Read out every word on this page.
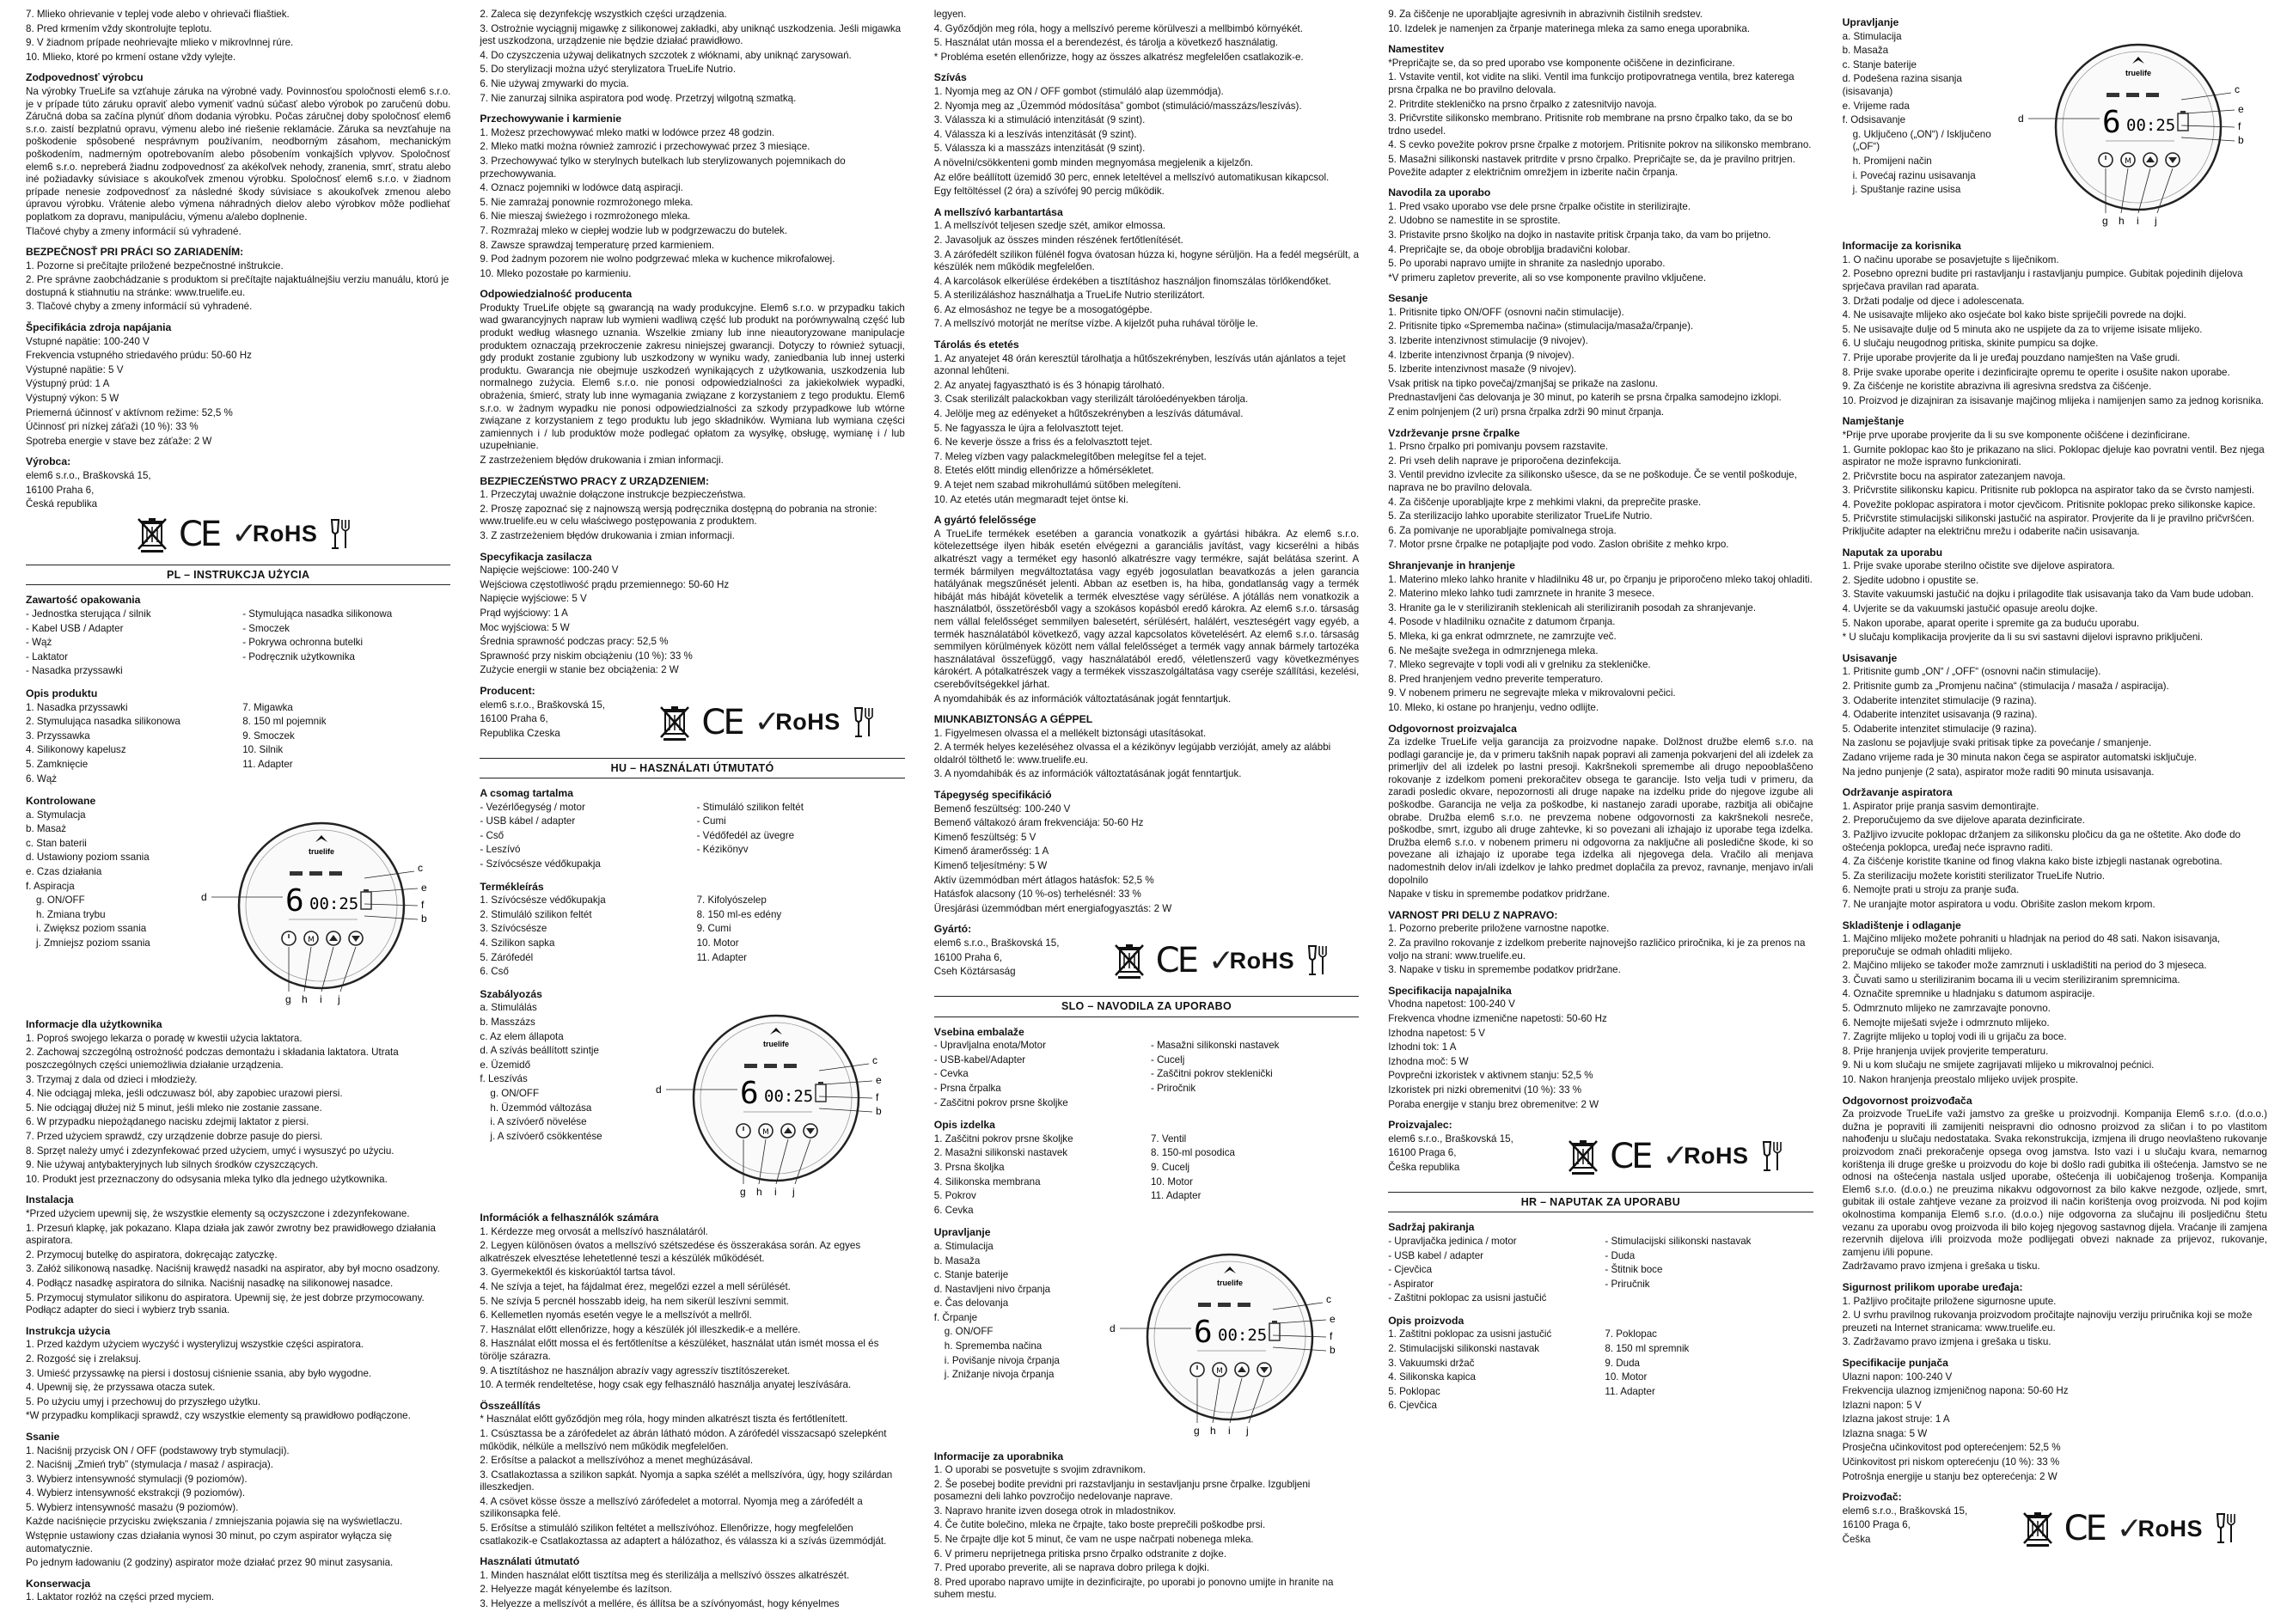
7. Mlieko ohrievanie v teplej vode alebo v ohrievači fliaštiek.

8. Pred krmením vždy skontrolujte teplotu.

9. V žiadnom prípade neohrievajte mlieko v mikrovlnnej rúre.

10. Mlieko, ktoré po krmení ostane vždy vylejte.

Zodpovednosť výrobcu

Na výrobky TrueLife sa vzťahuje záruka na výrobné vady. Povinnosťou spoločnosti elem6 s.r.o. je v prípade túto záruku opraviť alebo vymeniť vadnú súčasť alebo výrobok po zaručenú dobu. Záručná doba sa začína plynúť dňom dodania výrobku. Počas záručnej doby spoločnosť elem6 s.r.o. zaistí bezplatnú opravu, výmenu alebo iné riešenie reklamácie. Záruka sa nevzťahuje na poškodenie spôsobené nesprávnym používaním, neodborným zásahom, mechanickým poškodením, nadmerným opotrebovaním alebo pôsobením vonkajších vplyvov. Spoločnosť elem6 s.r.o. nepreberá žiadnu zodpovednosť za akékoľvek nehody, zranenia, smrť, stratu alebo iné požiadavky súvisiace s akoukoľvek zmenou výrobku. Spoločnosť elem6 s.r.o. v žiadnom prípade nenesie zodpovednosť za následné škody súvisiace s akoukoľvek zmenou alebo úpravou výrobku. Vrátenie alebo výmena náhradných dielov alebo výrobkov môže podliehať poplatkom za dopravu, manipuláciu, výmenu a/alebo doplnenie.

Tlačové chyby a zmeny informácií sú vyhradené.

BEZPEČNOSŤ PRI PRÁCI SO ZARIADENÍM:

1. Pozorne si prečítajte priložené bezpečnostné inštrukcie.

2. Pre správne zaobchádzanie s produktom si prečítajte najaktuálnejšiu verziu manuálu, ktorú je dostupná k stiahnutiu na stránke: www.truelife.eu.

3. Tlačové chyby a zmeny informácií sú vyhradené.

Špecifikácia zdroja napájania

Vstupné napätie: 100-240 V

Frekvencia vstupného striedavého prúdu: 50-60 Hz

Výstupné napätie: 5 V

Výstupný prúd: 1 A

Výstupný výkon: 5 W

Priemerná účinnosť v aktívnom režime: 52,5 %

Účinnosť pri nízkej záťaži (10 %): 33 %

Spotreba energie v stave bez záťaže: 2 W

Výrobca:

elem6 s.r.o., Braškovská 15,

16100 Praha 6,

Česká republika

CE ✓
RoHS
PL – INSTRUKCJA UŻYCIA
Zawartość opakowania

- Jednostka sterująca / silnik

- Kabel USB / Adapter

- Wąż

- Laktator

- Nasadka przyssawki

- Stymulująca nasadka silikonowa

- Smoczek

- Pokrywa ochronna butelki

- Podręcznik użytkownika

Opis produktu

1. Nasadka przyssawki

2. Stymulująca nasadka silikonowa

3. Przyssawka

4. Silikonowy kapelusz

5. Zamknięcie

6. Wąż

7. Migawka

8. 150 ml pojemnik

9. Smoczek

10. Silnik

11. Adapter

Kontrolowane

a. Stymulacja

b. Masaż

c. Stan baterii

d. Ustawiony poziom ssania

e. Czas działania

f. Aspiracja

g. ON/OFF

h. Zmiana trybu

i. Zwiększ poziom ssania

j. Zmniejsz poziom ssania

truelife
6 00:25
M
c
e
f
b
d
g h i j
Informacje dla użytkownika

1. Poproś swojego lekarza o poradę w kwestii użycia laktatora.

2. Zachowaj szczególną ostrożność podczas demontażu i składania laktatora. Utrata poszczególnych części uniemożliwia działanie urządzenia.

3. Trzymaj z dala od dzieci i młodzieży.

4. Nie odciągaj mleka, jeśli odczuwasz ból, aby zapobiec urazowi piersi.

5. Nie odciągaj dłużej niż 5 minut, jeśli mleko nie zostanie zassane.

6. W przypadku niepożądanego nacisku zdejmij laktator z piersi.

7. Przed użyciem sprawdź, czy urządzenie dobrze pasuje do piersi.

8. Sprzęt należy umyć i zdezynfekować przed użyciem, umyć i wysuszyć po użyciu.

9. Nie używaj antybakteryjnych lub silnych środków czyszczących.

10. Produkt jest przeznaczony do odsysania mleka tylko dla jednego użytkownika.

Instalacja

*Przed użyciem upewnij się, że wszystkie elementy są oczyszczone i zdezynfekowane.

1. Przesuń klapkę, jak pokazano. Klapa działa jak zawór zwrotny bez prawidłowego działania aspiratora.

2. Przymocuj butelkę do aspiratora, dokręcając zatyczkę.

3. Załóż silikonową nasadkę. Naciśnij krawędź nasadki na aspirator, aby był mocno osadzony.

4. Podłącz nasadkę aspiratora do silnika. Naciśnij nasadkę na silikonowej nasadce.

5. Przymocuj stymulator silikonu do aspiratora. Upewnij się, że jest dobrze przymocowany. Podłącz adapter do sieci i wybierz tryb ssania.

Instrukcja użycia

1. Przed każdym użyciem wyczyść i wysterylizuj wszystkie części aspiratora.

2. Rozgość się i zrelaksuj.

3. Umieść przyssawkę na piersi i dostosuj ciśnienie ssania, aby było wygodne.

4. Upewnij się, że przyssawa otacza sutek.

5. Po użyciu umyj i przechowuj do przyszłego użytku.

*W przypadku komplikacji sprawdź, czy wszystkie elementy są prawidłowo podłączone.

Ssanie

1. Naciśnij przycisk ON / OFF (podstawowy tryb stymulacji).

2. Naciśnij „Zmień tryb” (stymulacja / masaż / aspiracja).

3. Wybierz intensywność stymulacji (9 poziomów).

4. Wybierz intensywność ekstrakcji (9 poziomów).

5. Wybierz intensywność masażu (9 poziomów).

Każde naciśnięcie przycisku zwiększania / zmniejszania pojawia się na wyświetlaczu.

Wstępnie ustawiony czas działania wynosi 30 minut, po czym aspirator wyłącza się automatycznie.

Po jednym ładowaniu (2 godziny) aspirator może działać przez 90 minut zasysania.

Konserwacja

1. Laktator rozłóż na części przed myciem.

2. Zaleca się dezynfekcję wszystkich części urządzenia.

3. Ostrożnie wyciągnij migawkę z silikonowej zakładki, aby uniknąć uszkodzenia. Jeśli migawka jest uszkodzona, urządzenie nie będzie działać prawidłowo.

4. Do czyszczenia używaj delikatnych szczotek z włóknami, aby uniknąć zarysowań.

5. Do sterylizacji można użyć sterylizatora TrueLife Nutrio.

6. Nie używaj zmywarki do mycia.

7. Nie zanurzaj silnika aspiratora pod wodę. Przetrzyj wilgotną szmatką.

Przechowywanie i karmienie

1. Możesz przechowywać mleko matki w lodówce przez 48 godzin.

2. Mleko matki można również zamrozić i przechowywać przez 3 miesiące.

3. Przechowywać tylko w sterylnych butelkach lub sterylizowanych pojemnikach do przechowywania.

4. Oznacz pojemniki w lodówce datą aspiracji.

5. Nie zamrażaj ponownie rozmrożonego mleka.

6. Nie mieszaj świeżego i rozmrożonego mleka.

7. Rozmrażaj mleko w ciepłej wodzie lub w podgrzewaczu do butelek.

8. Zawsze sprawdzaj temperaturę przed karmieniem.

9. Pod żadnym pozorem nie wolno podgrzewać mleka w kuchence mikrofalowej.

10. Mleko pozostałe po karmieniu.

Odpowiedzialność producenta

Produkty TrueLife objęte są gwarancją na wady produkcyjne. Elem6 s.r.o. w przypadku takich wad gwarancyjnych napraw lub wymieni wadliwą część lub produkt na porównywalną część lub produkt według własnego uznania. Wszelkie zmiany lub inne nieautoryzowane manipulacje produktem oznaczają przekroczenie zakresu niniejszej gwarancji. Dotyczy to również sytuacji, gdy produkt zostanie zgubiony lub uszkodzony w wyniku wady, zaniedbania lub innej usterki produktu. Gwarancja nie obejmuje uszkodzeń wynikających z użytkowania, uszkodzenia lub normalnego zużycia. Elem6 s.r.o. nie ponosi odpowiedzialności za jakiekolwiek wypadki, obrażenia, śmierć, straty lub inne wymagania związane z korzystaniem z tego produktu. Elem6 s.r.o. w żadnym wypadku nie ponosi odpowiedzialności za szkody przypadkowe lub wtórne związane z korzystaniem z tego produktu lub jego składników. Wymiana lub wymiana części zamiennych i / lub produktów może podlegać opłatom za wysyłkę, obsługę, wymianę i / lub uzupełnianie.

Z zastrzeżeniem błędów drukowania i zmian informacji.

BEZPIECZEŃSTWO PRACY Z URZĄDZENIEM:

1. Przeczytaj uważnie dołączone instrukcje bezpieczeństwa.

2. Proszę zapoznać się z najnowszą wersją podręcznika dostępną do pobrania na stronie: www.truelife.eu w celu właściwego postępowania z produktem.

3. Z zastrzeżeniem błędów drukowania i zmian informacji.

Specyfikacja zasilacza

Napięcie wejściowe: 100-240 V

Wejściowa częstotliwość prądu przemiennego: 50-60 Hz

Napięcie wyjściowe: 5 V

Prąd wyjściowy: 1 A

Moc wyjściowa: 5 W

Średnia sprawność podczas pracy: 52,5 %

Sprawność przy niskim obciążeniu (10 %): 33 %

Zużycie energii w stanie bez obciążenia: 2 W

Producent:

elem6 s.r.o., Braškovská 15,

16100 Praha 6,

Republika Czeska	CE ✓
RoHS
HU – HASZNÁLATI ÚTMUTATÓ
A csomag tartalma

- Vezérlőegység / motor

- USB kábel / adapter

- Cső

- Leszívó

- Szívócsésze védőkupakja

- Stimuláló szilikon feltét

- Cumi

- Védőfedél az üvegre

- Kézikönyv

Termékleírás

1. Szívócsésze védőkupakja

2. Stimuláló szilikon feltét

3. Szívócsésze

4. Szilikon sapka

5. Zárófedél

6. Cső

7. Kifolyószelep

8. 150 ml-es edény

9. Cumi

10. Motor

11. Adapter

Szabályozás

a. Stimulálás

b. Masszázs

c. Az elem állapota

d. A szívás beállított szintje

e. Üzemidő

f. Leszívás

g. ON/OFF

h. Üzemmód változása

i. A szívóerő növelése

j. A szívóerő csökkentése

truelife
6 00:25
M
c
e
f
b
d
g h i j
Információk a felhasználók számára

1. Kérdezze meg orvosát a mellszívó használatáról.

2. Legyen különösen óvatos a mellszívó szétszedése és összerakása során. Az egyes alkatrészek elvesztése lehetetlenné teszi a készülék működését.

3. Gyermekektől és kiskorúaktól tartsa távol.

4. Ne szívja a tejet, ha fájdalmat érez, megelőzi ezzel a mell sérülését.

5. Ne szívja 5 percnél hosszabb ideig, ha nem sikerül leszívni semmit.

6. Kellemetlen nyomás esetén vegye le a mellszívót a mellről.

7. Használat előtt ellenőrizze, hogy a készülék jól illeszkedik-e a mellére.

8. Használat előtt mossa el és fertőtlenítse a készüléket, használat után ismét mossa el és törölje szárazra.

9. A tisztításhoz ne használjon abrazív vagy agresszív tisztítószereket.

10. A termék rendeltetése, hogy csak egy felhasználó használja anyatej leszívására.

Összeállítás

* Használat előtt győződjön meg róla, hogy minden alkatrészt tiszta és fertőtlenített.

1. Csúsztassa be a zárófedelet az ábrán látható módon. A zárófedél visszacsapó szelepként működik, nélküle a mellszívó nem működik megfelelően.

2. Erősítse a palackot a mellszívóhoz a menet meghúzásával.

3. Csatlakoztassa a szilikon sapkát. Nyomja a sapka szélét a mellszívóra, úgy, hogy szilárdan illeszkedjen.

4. A csövet kösse össze a mellszívó zárófedelet a motorral. Nyomja meg a zárófedélt a szilikonsapka felé.

5. Erősítse a stimuláló szilikon feltétet a mellszívóhoz. Ellenőrizze, hogy megfelelően csatlakozik-e Csatlakoztassa az adaptert a hálózathoz, és válassza ki a szívás üzemmódját.

Használati útmutató

1. Minden használat előtt tisztítsa meg és sterilizálja a mellszívó összes alkatrészét.

2. Helyezze magát kényelembe és lazítson.

3. Helyezze a mellszívót a mellére, és állítsa be a szívónyomást, hogy kényelmes

legyen.

4. Győződjön meg róla, hogy a mellszívó pereme körülveszi a mellbimbó környékét.

5. Használat után mossa el a berendezést, és tárolja a következő használatig.

* Probléma esetén ellenőrizze, hogy az összes alkatrész megfelelően csatlakozik-e.

Szívás

1. Nyomja meg az ON / OFF gombot (stimuláló alap üzemmódja).

2. Nyomja meg az „Üzemmód módosítása” gombot (stimuláció/masszázs/leszívás).

3. Válassza ki a stimuláció intenzitását (9 szint).

4. Válassza ki a leszívás intenzitását (9 szint).

5. Válassza ki a masszázs intenzitását (9 szint).

A növelni/csökkenteni gomb minden megnyomása megjelenik a kijelzőn.

Az előre beállított üzemidő 30 perc, ennek leteltével a mellszívó automatikusan kikapcsol.

Egy feltöltéssel (2 óra) a szívófej 90 percig működik.

A mellszívó karbantartása

1. A mellszívót teljesen szedje szét, amikor elmossa.

2. Javasoljuk az összes minden részének fertőtlenítését.

3. A zárófedélt szilikon fülénél fogva óvatosan húzza ki, hogyne sérüljön. Ha a fedél megsérült, a készülék nem működik megfelelően.

4. A karcolások elkerülése érdekében a tisztításhoz használjon finomszálas törlőkendőket.

5. A sterilizáláshoz használhatja a TrueLife Nutrio sterilizátort.

6. Az elmosáshoz ne tegye be a mosogatógépbe.

7. A mellszívó motorját ne merítse vízbe. A kijelzőt puha ruhával törölje le.

Tárolás és etetés

1. Az anyatejet 48 órán keresztül tárolhatja a hűtőszekrényben, leszívás után ajánlatos a tejet azonnal lehűteni.

2. Az anyatej fagyasztható is és 3 hónapig tárolható.

3. Csak sterilizált palackokban vagy sterilizált tárolóedényekben tárolja.

4. Jelölje meg az edényeket a hűtőszekrényben a leszívás dátumával.

5. Ne fagyassza le újra a felolvasztott tejet.

6. Ne keverje össze a friss és a felolvasztott tejet.

7. Meleg vízben vagy palackmelegítőben melegítse fel a tejet.

8. Etetés előtt mindig ellenőrizze a hőmérsékletet.

9. A tejet nem szabad mikrohullámú sütőben melegíteni.

10. Az etetés után megmaradt tejet öntse ki.

A gyártó felelőssége

A TrueLife termékek esetében a garancia vonatkozik a gyártási hibákra. Az elem6 s.r.o. kötelezettsége ilyen hibák esetén elvégezni a garanciális javítást, vagy kicserélni a hibás alkatrészt vagy a terméket egy hasonló alkatrészre vagy termékre, saját belátása szerint. A termék bármilyen megváltoztatása vagy egyéb jogosulatlan beavatkozás a jelen garancia hatályának megszűnését jelenti. Abban az esetben is, ha hiba, gondatlanság vagy a termék hibáját más hibáját követelik a termék elvesztése vagy sérülése. A jótállás nem vonatkozik a használatból, összetörésből vagy a szokásos kopásból eredő károkra. Az elem6 s.r.o. társaság nem vállal felelősséget semmilyen balesetért, sérülésért, halálért, veszteségért vagy egyéb, a termék használatából következő, vagy azzal kapcsolatos követelésért. Az elem6 s.r.o. társaság semmilyen körülmények között nem vállal felelősséget a termék vagy annak bármely tartozéka használatával összefüggő, vagy használatából eredő, véletlenszerű vagy következményes károkért. A pótalkatrészek vagy a termékek visszaszolgáltatása vagy cseréje szállítási, kezelési, cserebővítségekkel járhat.

A nyomdahibák és az információk változtatásának jogát fenntartjuk.

MIUNKABIZTONSÁG A GÉPPEL

1. Figyelmesen olvassa el a mellékelt biztonsági utasításokat.

2. A termék helyes kezeléséhez olvassa el a kézikönyv legújabb verzióját, amely az alábbi oldalról tölthető le: www.truelife.eu.

3. A nyomdahibák és az információk változtatásának jogát fenntartjuk.

Tápegység specifikáció

Bemenő feszültség: 100-240 V

Bemenő váltakozó áram frekvenciája: 50-60 Hz

Kimenő feszültség: 5 V

Kimenő áramerősség: 1 A

Kimenő teljesítmény: 5 W

Aktív üzemmódban mért átlagos hatásfok: 52,5 %

Hatásfok alacsony (10 %-os) terhelésnél: 33 %

Üresjárási üzemmódban mért energiafogyasztás: 2 W

Gyártó:

elem6 s.r.o., Braškovská 15,

16100 Praha 6,

Cseh Köztársaság	CE ✓
RoHS
SLO – NAVODILA ZA UPORABO
Vsebina embalaže

- Upravljalna enota/Motor

- USB-kabel/Adapter

- Cevka

- Prsna črpalka

- Zaščitni pokrov prsne školjke

- Masažni silikonski nastavek

- Cucelj

- Zaščitni pokrov steklenički

- Priročnik

Opis izdelka

1. Zaščitni pokrov prsne školjke

2. Masažni silikonski nastavek

3. Prsna školjka

4. Silikonska membrana

5. Pokrov

6. Cevka

7. Ventil

8. 150-ml posodica

9. Cucelj

10. Motor

11. Adapter

Upravljanje

a. Stimulacija

b. Masaža

c. Stanje baterije

d. Nastavljeni nivo črpanja

e. Čas delovanja

f. Črpanje

g. ON/OFF

h. Sprememba načina

i. Povišanje nivoja črpanja

j. Znižanje nivoja črpanja

truelife
6 00:25
M
c
e
f
b
d
g h i j
Informacije za uporabnika

1. O uporabi se posvetujte s svojim zdravnikom.

2. Še posebej bodite previdni pri razstavljanju in sestavljanju prsne črpalke. Izgubljeni posamezni deli lahko povzročijo nedelovanje naprave.

3. Napravo hranite izven dosega otrok in mladostnikov.

4. Če čutite bolečino, mleka ne črpajte, tako boste preprečili poškodbe prsi.

5. Ne črpajte dlje kot 5 minut, če vam ne uspe načrpati nobenega mleka.

6. V primeru neprijetnega pritiska prsno črpalko odstranite z dojke.

7. Pred uporabo preverite, ali se naprava dobro prilega k dojki.

8. Pred uporabo napravo umijte in dezinficirajte, po uporabi jo ponovno umijte in hranite na suhem mestu.

9. Za čiščenje ne uporabljajte agresivnih in abrazivnih čistilnih sredstev.

10. Izdelek je namenjen za črpanje materinega mleka za samo enega uporabnika.

Namestitev

*Prepričajte se, da so pred uporabo vse komponente očiščene in dezinficirane.

1. Vstavite ventil, kot vidite na sliki. Ventil ima funkcijo protipovratnega ventila, brez katerega prsna črpalka ne bo pravilno delovala.

2. Pritrdite stekleničko na prsno črpalko z zatesnitvijo navoja.

3. Pričvrstite silikonsko membrano. Pritisnite rob membrane na prsno črpalko tako, da se bo trdno usedel.

4. S cevko povežite pokrov prsne črpalke z motorjem. Pritisnite pokrov na silikonsko membrano.

5. Masažni silikonski nastavek pritrdite v prsno črpalko. Prepričajte se, da je pravilno pritrjen. Povežite adapter z električnim omrežjem in izberite način črpanja.

Navodila za uporabo

1. Pred vsako uporabo vse dele prsne črpalke očistite in sterilizirajte.

2. Udobno se namestite in se sprostite.

3. Pristavite prsno školjko na dojko in nastavite pritisk črpanja tako, da vam bo prijetno.

4. Prepričajte se, da oboje obrobljja bradavični kolobar.

5. Po uporabi napravo umijte in shranite za naslednjo uporabo.

*V primeru zapletov preverite, ali so vse komponente pravilno vključene.

Sesanje

1. Pritisnite tipko ON/OFF (osnovni način stimulacije).

2. Pritisnite tipko «Sprememba načina» (stimulacija/masaža/črpanje).

3. Izberite intenzivnost stimulacije (9 nivojev).

4. Izberite intenzivnost črpanja (9 nivojev).

5. Izberite intenzivnost masaže (9 nivojev).

Vsak pritisk na tipko povečaj/zmanjšaj se prikaže na zaslonu.

Prednastavljeni čas delovanja je 30 minut, po katerih se prsna črpalka samodejno izklopi.

Z enim polnjenjem (2 uri) prsna črpalka zdrži 90 minut črpanja.

Vzdrževanje prsne črpalke

1. Prsno črpalko pri pomivanju povsem razstavite.

2. Pri vseh delih naprave je priporočena dezinfekcija.

3. Ventil previdno izvlecite za silikonsko ušesce, da se ne poškoduje. Če se ventil poškoduje, naprava ne bo pravilno delovala.

4. Za čiščenje uporabljajte krpe z mehkimi vlakni, da preprečite praske.

5. Za sterilizacijo lahko uporabite sterilizator TrueLife Nutrio.

6. Za pomivanje ne uporabljajte pomivalnega stroja.

7. Motor prsne črpalke ne potapljajte pod vodo. Zaslon obrišite z mehko krpo.

Shranjevanje in hranjenje

1. Materino mleko lahko hranite v hladilniku 48 ur, po črpanju je priporočeno mleko takoj ohladiti.

2. Materino mleko lahko tudi zamrznete in hranite 3 mesece.

3. Hranite ga le v steriliziranih steklenicah ali steriliziranih posodah za shranjevanje.

4. Posode v hladilniku označite z datumom črpanja.

5. Mleka, ki ga enkrat odmrznete, ne zamrzujte več.

6. Ne mešajte svežega in odmrznjenega mleka.

7. Mleko segrevajte v topli vodi ali v grelniku za stekleničke.

8. Pred hranjenjem vedno preverite temperaturo.

9. V nobenem primeru ne segrevajte mleka v mikrovalovni pečici.

10. Mleko, ki ostane po hranjenju, vedno odlijte.

Odgovornost proizvajalca

Za izdelke TrueLife velja garancija za proizvodne napake. Dolžnost družbe elem6 s.r.o. na podlagi garancije je, da v primeru takšnih napak popravi ali zamenja pokvarjeni del ali izdelek za primerljiv del ali izdelek po lastni presoji. Kakršnekoli spremembe ali drugo nepooblaščeno rokovanje z izdelkom pomeni prekoračitev obsega te garancije. Isto velja tudi v primeru, da zaradi posledic okvare, nepozornosti ali druge napake na izdelku pride do njegove izgube ali poškodbe. Garancija ne velja za poškodbe, ki nastanejo zaradi uporabe, razbitja ali običajne obrabe. Družba elem6 s.r.o. ne prevzema nobene odgovornosti za kakršnekoli nesreče, poškodbe, smrt, izgubo ali druge zahtevke, ki so povezani ali izhajajo iz uporabe tega izdelka. Družba elem6 s.r.o. v nobenem primeru ni odgovorna za naključne ali posledične škode, ki so povezane ali izhajajo iz uporabe tega izdelka ali njegovega dela. Vračilo ali menjava nadomestnih delov in/ali izdelkov je lahko predmet doplačila za prevoz, ravnanje, menjavo in/ali dopolnilo

Napake v tisku in spremembe podatkov pridržane.

VARNOST PRI DELU Z NAPRAVO:

1. Pozorno preberite priložene varnostne napotke.

2. Za pravilno rokovanje z izdelkom preberite najnovejšo različico priročnika, ki je za prenos na voljo na strani: www.truelife.eu.

3. Napake v tisku in spremembe podatkov pridržane.

Specifikacija napajalnika

Vhodna napetost: 100-240 V

Frekvenca vhodne izmenične napetosti: 50-60 Hz

Izhodna napetost: 5 V

Izhodni tok: 1 A

Izhodna moč: 5 W

Povprečni izkoristek v aktivnem stanju: 52,5 %

Izkoristek pri nizki obremenitvi (10 %): 33 %

Poraba energije v stanju brez obremenitve: 2 W

Proizvajalec:

elem6 s.r.o., Braškovská 15,

16100 Praga 6,

Češka republika	CE ✓
RoHS
HR – NAPUTAK ZA UPORABU
Sadržaj pakiranja

- Upravljačka jedinica / motor

- USB kabel / adapter

- Cjevčica

- Aspirator

- Zaštitni poklopac za usisni jastučić

- Stimulacijski silikonski nastavak

- Duda

- Štitnik boce

- Priručnik

Opis proizvoda

1. Zaštitni poklopac za usisni jastučić

2. Stimulacijski silikonski nastavak

3. Vakuumski držač

4. Silikonska kapica

5. Poklopac

6. Cjevčica

7. Poklopac

8. 150 ml spremnik

9. Duda

10. Motor

11. Adapter

Upravljanje

a. Stimulacija

b. Masaža

c. Stanje baterije

d. Podešena razina sisanja (isisavanja)

e. Vrijeme rada

f. Odsisavanje

g. Uključeno („ON“) / Isključeno („OF“)

h. Promijeni način

i. Povećaj razinu usisavanja

j. Spuštanje razine usisa

truelife
6 00:25
M
c
e
f
b
d
g h i j
Informacije za korisnika

1. O načinu uporabe se posavjetujte s liječnikom.

2. Posebno oprezni budite pri rastavljanju i rastavljanju pumpice. Gubitak pojedinih dijelova sprječava pravilan rad aparata.

3. Držati podalje od djece i adolescenata.

4. Ne usisavajte mlijeko ako osjećate bol kako biste spriječili povrede na dojki.

5. Ne usisavajte dulje od 5 minuta ako ne uspijete da za to vrijeme isisate mlijeko.

6. U slučaju neugodnog pritiska, skinite pumpicu sa dojke.

7. Prije uporabe provjerite da li je uređaj pouzdano namješten na Vaše grudi.

8. Prije svake uporabe operite i dezinficirajte opremu te operite i osušite nakon uporabe.

9. Za čišćenje ne koristite abrazivna ili agresivna sredstva za čišćenje.

10. Proizvod je dizajniran za isisavanje majčinog mlijeka i namijenjen samo za jednog korisnika.

Namještanje

*Prije prve uporabe provjerite da li su sve komponente očišćene i dezinficirane.

1. Gurnite poklopac kao što je prikazano na slici. Poklopac djeluje kao povratni ventil. Bez njega aspirator ne može ispravno funkcionirati.

2. Pričvrstite bocu na aspirator zatezanjem navoja.

3. Pričvrstite silikonsku kapicu. Pritisnite rub poklopca na aspirator tako da se čvrsto namjesti.

4. Povežite poklopac aspiratora i motor cjevčicom. Pritisnite poklopac preko silikonske kapice.

5. Pričvrstite stimulacijski silikonski jastučić na aspirator. Provjerite da li je pravilno pričvršćen. Priključite adapter na električnu mrežu i odaberite način usisavanja.

Naputak za uporabu

1. Prije svake uporabe sterilno očistite sve dijelove aspiratora.

2. Sjedite udobno i opustite se.

3. Stavite vakuumski jastučić na dojku i prilagodite tlak usisavanja tako da Vam bude udoban.

4. Uvjerite se da vakuumski jastučić opasuje areolu dojke.

5. Nakon uporabe, aparat operite i spremite ga za buduću uporabu.

* U slučaju komplikacija provjerite da li su svi sastavni dijelovi ispravno priključeni.

Usisavanje

1. Pritisnite gumb „ON“ / „OFF“ (osnovni način stimulacije).

2. Pritisnite gumb za „Promjenu načina“ (stimulacija / masaža / aspiracija).

3. Odaberite intenzitet stimulacije (9 razina).

4. Odaberite intenzitet usisavanja (9 razina).

5. Odaberite intenzitet stimulacije (9 razina).

Na zaslonu se pojavljuje svaki pritisak tipke za povećanje / smanjenje.

Zadano vrijeme rada je 30 minuta nakon čega se aspirator automatski isključuje.

Na jedno punjenje (2 sata), aspirator može raditi 90 minuta usisavanja.

Održavanje aspiratora

1. Aspirator prije pranja sasvim demontirajte.

2. Preporučujemo da sve dijelove aparata dezinficirate.

3. Pažljivo izvucite poklopac držanjem za silikonsku pločicu da ga ne oštetite. Ako dođe do oštećenja poklopca, uređaj neće ispravno raditi.

4. Za čišćenje koristite tkanine od finog vlakna kako biste izbjegli nastanak ogrebotina.

5. Za sterilizaciju možete koristiti sterilizator TrueLife Nutrio.

6. Nemojte prati u stroju za pranje suđa.

7. Ne uranjajte motor aspiratora u vodu. Obrišite zaslon mekom krpom.

Skladištenje i odlaganje

1. Majčino mlijeko možete pohraniti u hladnjak na period do 48 sati. Nakon isisavanja, preporučuje se odmah ohladiti mlijeko.

2. Majčino mlijeko se također može zamrznuti i uskladištiti na period do 3 mjeseca.

3. Čuvati samo u steriliziranim bocama ili u vecim steriliziranim spremnicima.

4. Označite spremnike u hladnjaku s datumom aspiracije.

5. Odmrznuto mlijeko ne zamrzavajte ponovno.

6. Nemojte miješati svježe i odmrznuto mlijeko.

7. Zagrijte mlijeko u toploj vodi ili u grijaču za boce.

8. Prije hranjenja uvijek provjerite temperaturu.

9. Ni u kom slučaju ne smijete zagrijavati mlijeko u mikrovalnoj pećnici.

10. Nakon hranjenja preostalo mlijeko uvijek prospite.

Odgovornost proizvođača

Za proizvode TrueLife važi jamstvo za greške u proizvodnji. Kompanija Elem6 s.r.o. (d.o.o.) dužna je popraviti ili zamijeniti neispravni dio odnosno proizvod za sličan i to po vlastitom nahođenju u slučaju nedostataka. Svaka rekonstrukcija, izmjena ili drugo neovlašteno rukovanje proizvodom znači prekoračenje opsega ovog jamstva. Isto vazi i u slučaju kvara, nemarnog korištenja ili druge greške u proizvodu do koje bi došlo radi gubitka ili oštećenja. Jamstvo se ne odnosi na oštećenja nastala usljed uporabe, oštećenja ili uobičajenog trošenja. Kompanija Elem6 s.r.o. (d.o.o.) ne preuzima nikakvu odgovornost za bilo kakve nezgode, ozljede, smrt, gubitak ili ostale zahtjeve vezane za proizvod ili način korištenja ovog proizvoda. Ni pod kojim okolnostima kompanija Elem6 s.r.o. (d.o.o.) nije odgovorna za slučajnu ili posljedičnu štetu vezanu za uporabu ovog proizvoda ili bilo kojeg njegovog sastavnog dijela. Vraćanje ili zamjena rezervnih dijelova i/ili proizvoda može podlijegati obvezi naknade za prijevoz, rukovanje, zamjenu i/ili popune.

Zadržavamo pravo izmjena i grešaka u tisku.

Sigurnost prilikom uporabe uređaja:

1. Pažljivo pročitajte priložene sigurnosne upute.

2. U svrhu pravilnog rukovanja proizvodom pročitajte najnoviju verziju priručnika koji se može preuzeti na Internet stranicama: www.truelife.eu.

3. Zadržavamo pravo izmjena i grešaka u tisku.

Specifikacije punjača

Ulazni napon: 100-240 V

Frekvencija ulaznog izmjeničnog napona: 50-60 Hz

Izlazni napon: 5 V

Izlazna jakost struje: 1 A

Izlazna snaga: 5 W

Prosječna učinkovitost pod opterećenjem: 52,5 %

Učinkovitost pri niskom opterećenju (10 %): 33 %

Potrošnja energije u stanju bez opterećenja: 2 W

Proizvođač:

elem6 s.r.o., Braškovská 15,

16100 Praga 6,

Češka	CE ✓
RoHS
